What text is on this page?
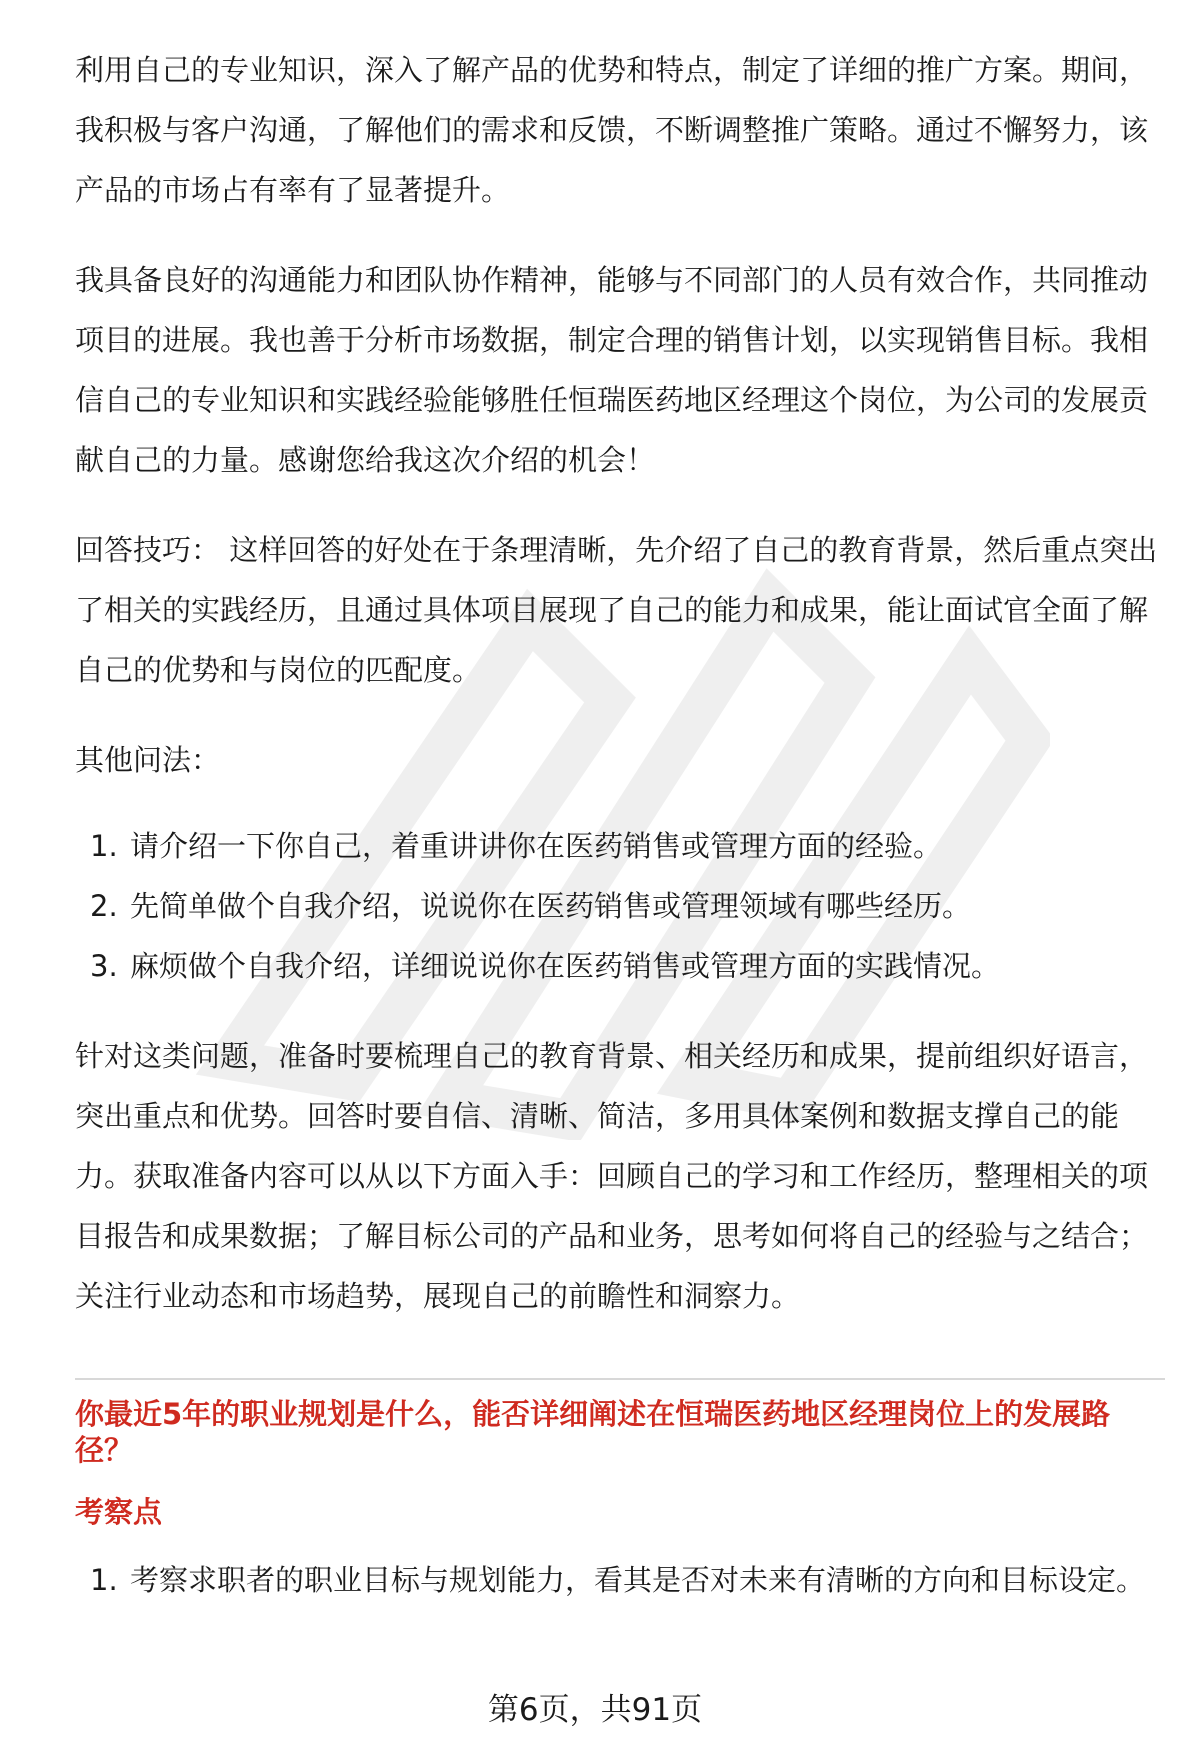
利用自己的专业知识，深入了解产品的优势和特点，制定了详细的推广方案。期间，我积极与客户沟通，了解他们的需求和反馈，不断调整推广策略。通过不懈努力，该产品的市场占有率有了显著提升。

我具备良好的沟通能力和团队协作精神，能够与不同部门的人员有效合作，共同推动项目的进展。我也善于分析市场数据，制定合理的销售计划，以实现销售目标。我相信自己的专业知识和实践经验能够胜任恒瑞医药地区经理这个岗位，为公司的发展贡献自己的力量。感谢您给我这次介绍的机会！

回答技巧： 这样回答的好处在于条理清晰，先介绍了自己的教育背景，然后重点突出了相关的实践经历，且通过具体项目展现了自己的能力和成果，能让面试官全面了解自己的优势和与岗位的匹配度。

其他问法：

1. 请介绍一下你自己，着重讲讲你在医药销售或管理方面的经验。
2. 先简单做个自我介绍，说说你在医药销售或管理领域有哪些经历。
3. 麻烦做个自我介绍，详细说说你在医药销售或管理方面的实践情况。

针对这类问题，准备时要梳理自己的教育背景、相关经历和成果，提前组织好语言，突出重点和优势。回答时要自信、清晰、简洁，多用具体案例和数据支撑自己的能力。获取准备内容可以从以下方面入手：回顾自己的学习和工作经历，整理相关的项目报告和成果数据；了解目标公司的产品和业务，思考如何将自己的经验与之结合；关注行业动态和市场趋势，展现自己的前瞻性和洞察力。

你最近5年的职业规划是什么，能否详细阐述在恒瑞医药地区经理岗位上的发展路径？
考察点
1. 考察求职者的职业目标与规划能力，看其是否对未来有清晰的方向和目标设定。
第6页，共91页
